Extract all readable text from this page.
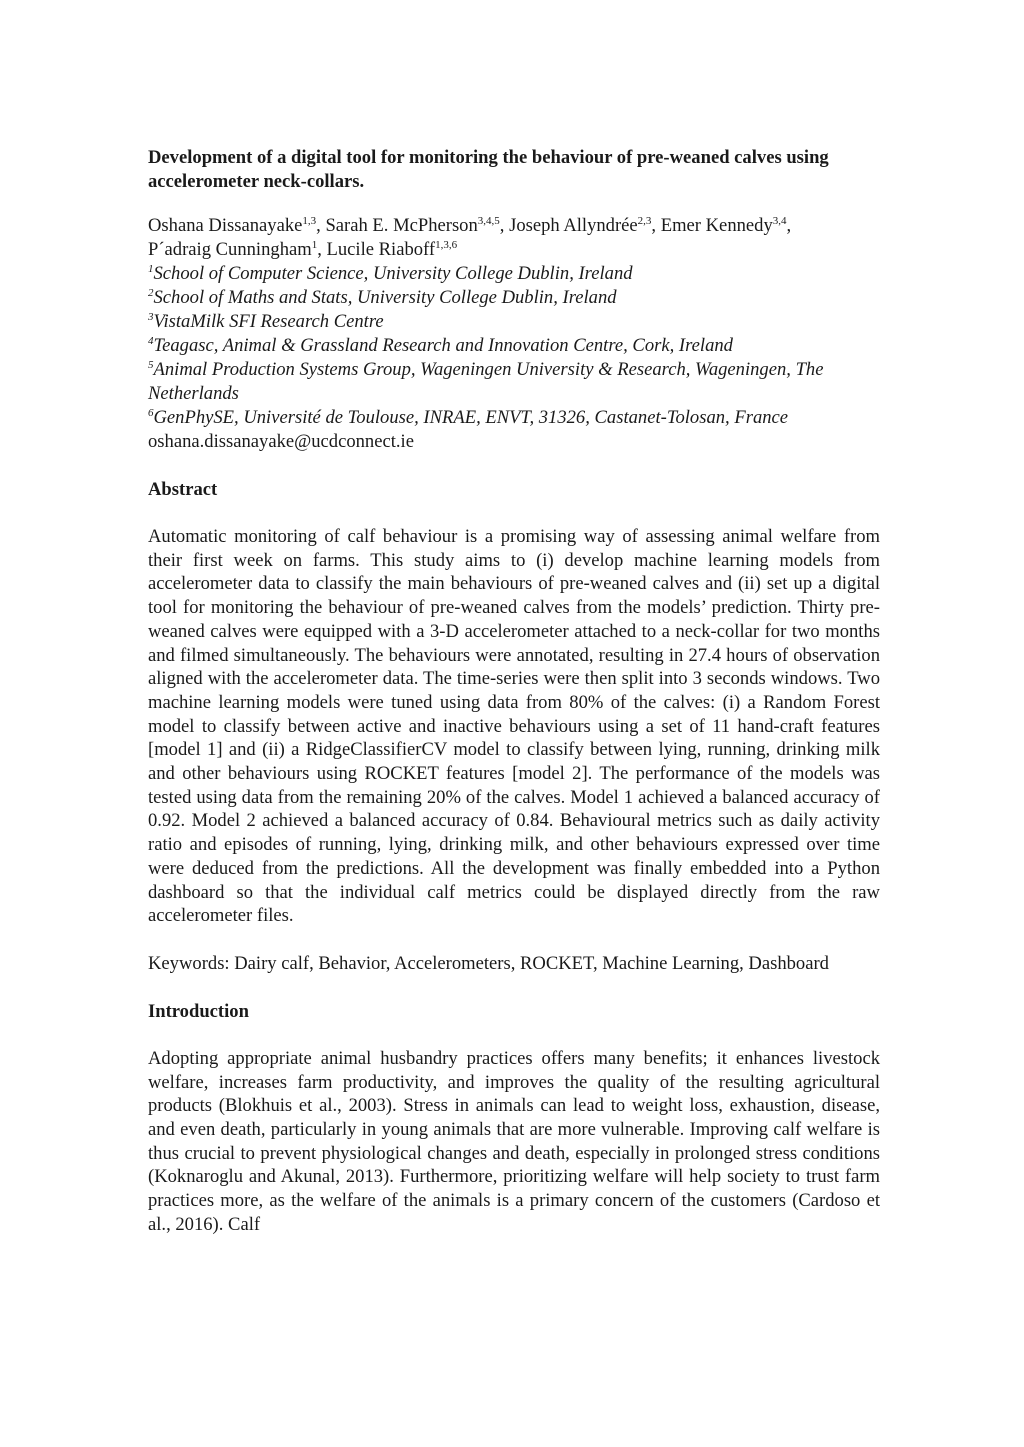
Development of a digital tool for monitoring the behaviour of pre-weaned calves using accelerometer neck-collars.

Oshana Dissanayake$^{1,3}$, Sarah E. McPherson$^{3,4,5}$, Joseph Allyndrée$^{2,3}$, Emer Kennedy$^{3,4}$,
P´adraig Cunningham$^1$, Lucile Riaboff$^{1,3,6}$

$^1$School of Computer Science, University College Dublin, Ireland
$^2$School of Maths and Stats, University College Dublin, Ireland
$^3$VistaMilk SFI Research Centre
$^4$Teagasc, Animal & Grassland Research and Innovation Centre, Cork, Ireland
$^5$Animal Production Systems Group, Wageningen University & Research, Wageningen, The Netherlands
$^6$GenPhySE, Université de Toulouse, INRAE, ENVT, 31326, Castanet-Tolosan, France
oshana.dissanayake@ucdconnect.ie
Abstract

Automatic monitoring of calf behaviour is a promising way of assessing animal welfare from their first week on farms. This study aims to (i) develop machine learning models from accelerometer data to classify the main behaviours of pre-weaned calves and (ii) set up a digital tool for monitoring the behaviour of pre-weaned calves from the models’ prediction. Thirty pre-weaned calves were equipped with a 3-D accelerometer attached to a neck-collar for two months and filmed simultaneously. The behaviours were annotated, resulting in 27.4 hours of observation aligned with the accelerometer data. The time-series were then split into 3 seconds windows. Two machine learning models were tuned using data from 80% of the calves: (i) a Random Forest model to classify between active and inactive behaviours using a set of 11 hand-craft features [model 1] and (ii) a RidgeClassifierCV model to classify between lying, running, drinking milk and other behaviours using ROCKET features [model 2]. The performance of the models was tested using data from the remaining 20% of the calves. Model 1 achieved a balanced accuracy of 0.92. Model 2 achieved a balanced accuracy of 0.84. Behavioural metrics such as daily activity ratio and episodes of running, lying, drinking milk, and other behaviours expressed over time were deduced from the predictions. All the development was finally embedded into a Python dashboard so that the individual calf metrics could be displayed directly from the raw accelerometer files.

Keywords: Dairy calf, Behavior, Accelerometers, ROCKET, Machine Learning, Dashboard

Introduction

Adopting appropriate animal husbandry practices offers many benefits; it enhances livestock welfare, increases farm productivity, and improves the quality of the resulting agricultural products (Blokhuis et al., 2003). Stress in animals can lead to weight loss, exhaustion, disease, and even death, particularly in young animals that are more vulnerable. Improving calf welfare is thus crucial to prevent physiological changes and death, especially in prolonged stress conditions (Koknaroglu and Akunal, 2013). Furthermore, prioritizing welfare will help society to trust farm practices more, as the welfare of the animals is a primary concern of the customers (Cardoso et al., 2016). Calf
